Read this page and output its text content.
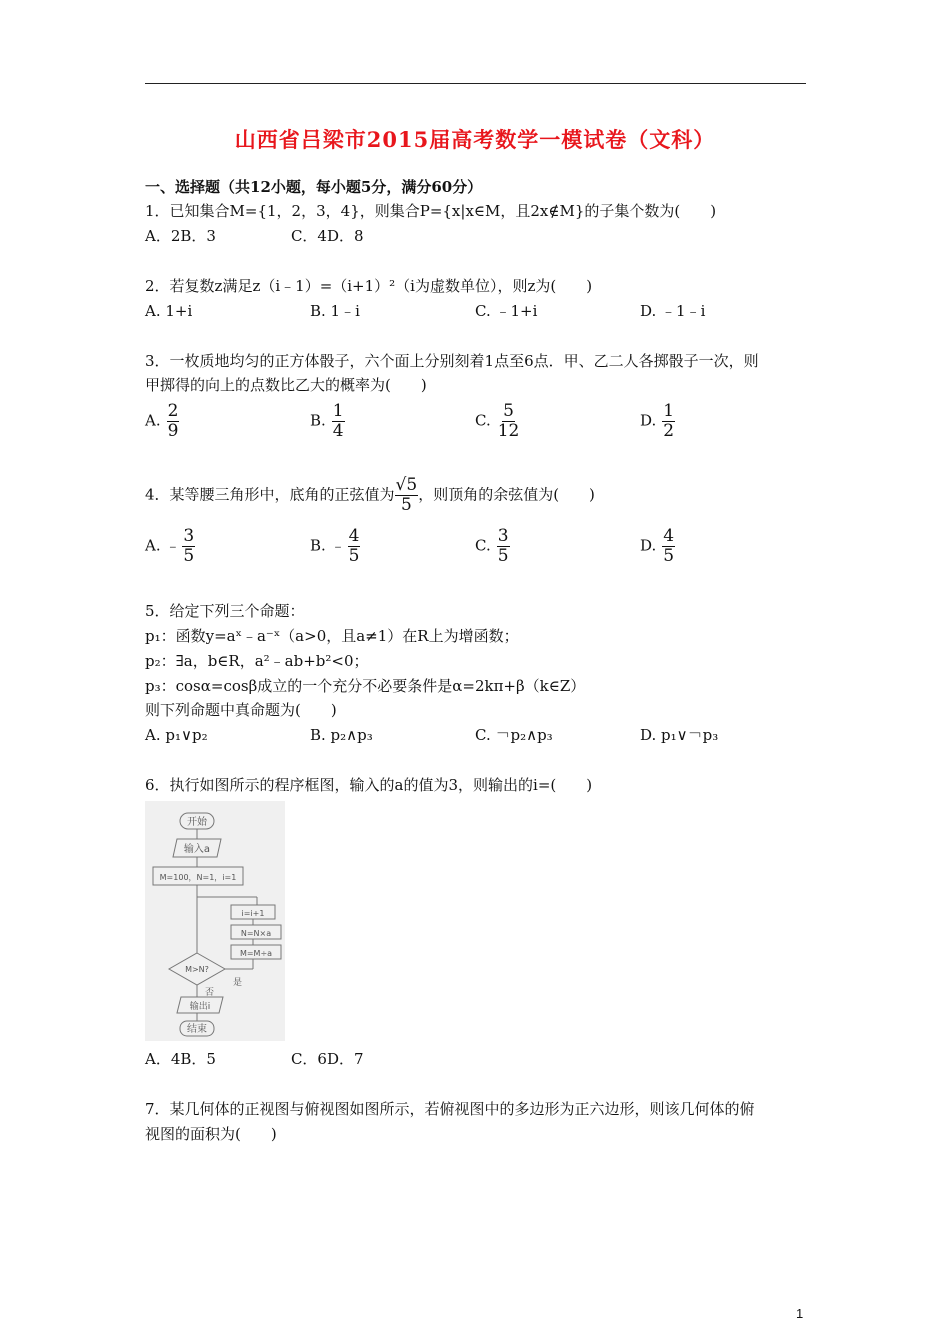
山西省吕梁市2015届高考数学一模试卷（文科）
一、选择题（共12小题，每小题5分，满分60分）
1．已知集合M={1，2，3，4}，则集合P={x|x∈M，且2x∉M}的子集个数为(　　)
A．2B．3　　　　　C．4D．8
2．若复数z满足z（i﹣1）=（i+1）²（i为虚数单位），则z为(　　)
A. 1+i	B. 1﹣i	C. ﹣1+i	D. ﹣1﹣i
3．一枚质地均匀的正方体骰子，六个面上分别刻着1点至6点．甲、乙二人各掷骰子一次，则
甲掷得的向上的点数比乙大的概率为(　　)
A. $\frac{2}{9}$	B. $\frac{1}{4}$	C. $\frac{5}{12}$	D. $\frac{1}{2}$
4．某等腰三角形中，底角的正弦值为 $\frac{√5}{5}$ ，则顶角的余弦值为(　　)
A. ﹣ $\frac{3}{5}$	B. ﹣ $\frac{4}{5}$	C. $\frac{3}{5}$	D. $\frac{4}{5}$
5．给定下列三个命题：
p₁：函数y=aˣ﹣a⁻ˣ（a>0，且a≠1）在R上为增函数；
p₂：∃a，b∈R，a²﹣ab+b²<0；
p₃：cosα=cosβ成立的一个充分不必要条件是α=2kπ+β（k∈Z）
则下列命题中真命题为(　　)
A. p₁∨p₂	B. p₂∧p₃	C. ￢p₂∧p₃	D. p₁∨￢p₃
6．执行如图所示的程序框图，输入的a的值为3，则输出的i=(　　)
开始
输入a
M=100，N=1，i=1
i=i+1
N=N×a
M=M÷a
M>N?
否
是
输出i
结束
A．4B．5　　　　　C．6D．7
7．某几何体的正视图与俯视图如图所示，若俯视图中的多边形为正六边形，则该几何体的俯
视图的面积为(　　)
1
